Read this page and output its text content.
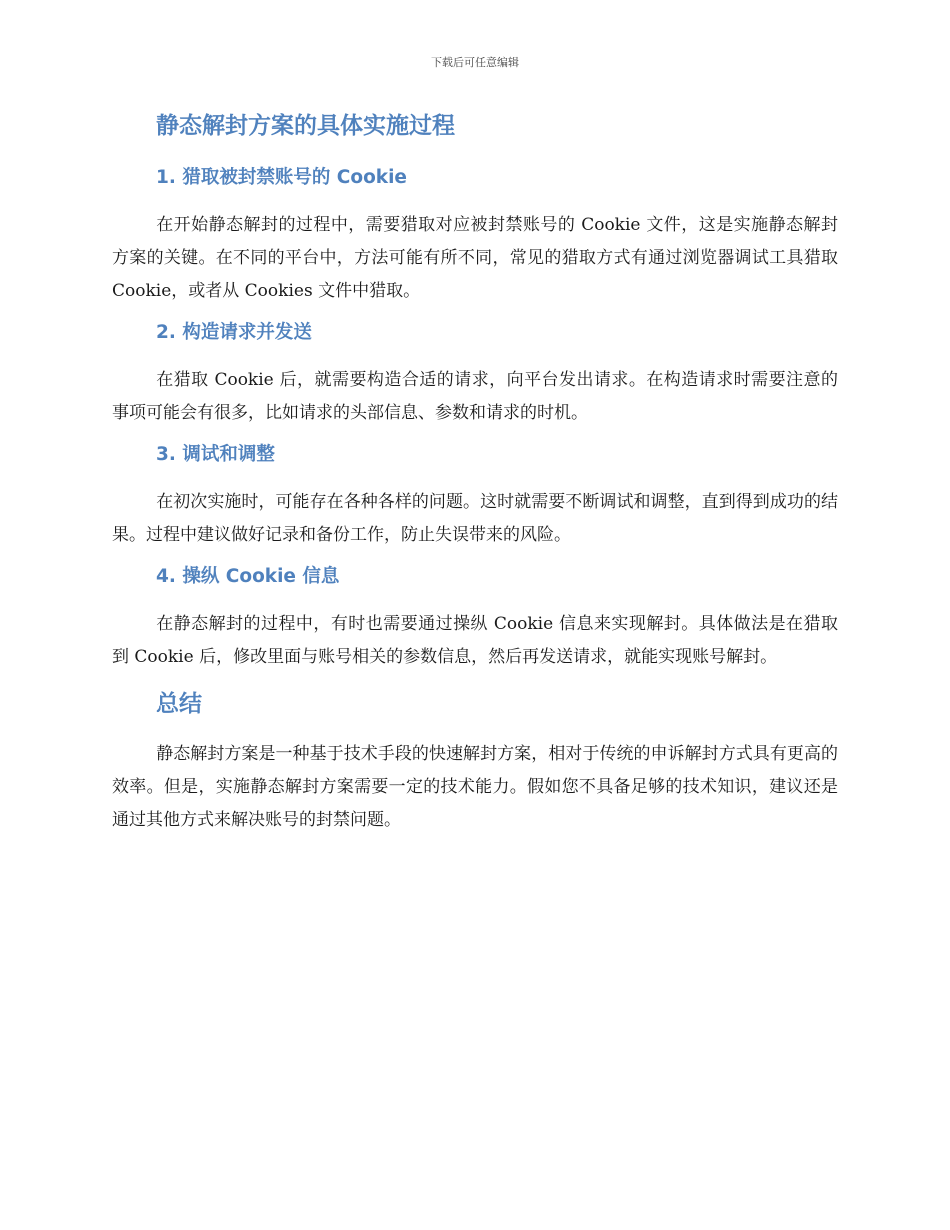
下载后可任意编辑
静态解封方案的具体实施过程
1. 猎取被封禁账号的 Cookie

在开始静态解封的过程中，需要猎取对应被封禁账号的 Cookie 文件，这是实施静态解封方案的关键。在不同的平台中，方法可能有所不同，常见的猎取方式有通过浏览器调试工具猎取 Cookie，或者从 Cookies 文件中猎取。

2. 构造请求并发送

在猎取 Cookie 后，就需要构造合适的请求，向平台发出请求。在构造请求时需要注意的事项可能会有很多，比如请求的头部信息、参数和请求的时机。

3. 调试和调整

在初次实施时，可能存在各种各样的问题。这时就需要不断调试和调整，直到得到成功的结果。过程中建议做好记录和备份工作，防止失误带来的风险。

4. 操纵 Cookie 信息

在静态解封的过程中，有时也需要通过操纵 Cookie 信息来实现解封。具体做法是在猎取到 Cookie 后，修改里面与账号相关的参数信息，然后再发送请求，就能实现账号解封。

总结

静态解封方案是一种基于技术手段的快速解封方案，相对于传统的申诉解封方式具有更高的效率。但是，实施静态解封方案需要一定的技术能力。假如您不具备足够的技术知识，建议还是通过其他方式来解决账号的封禁问题。
